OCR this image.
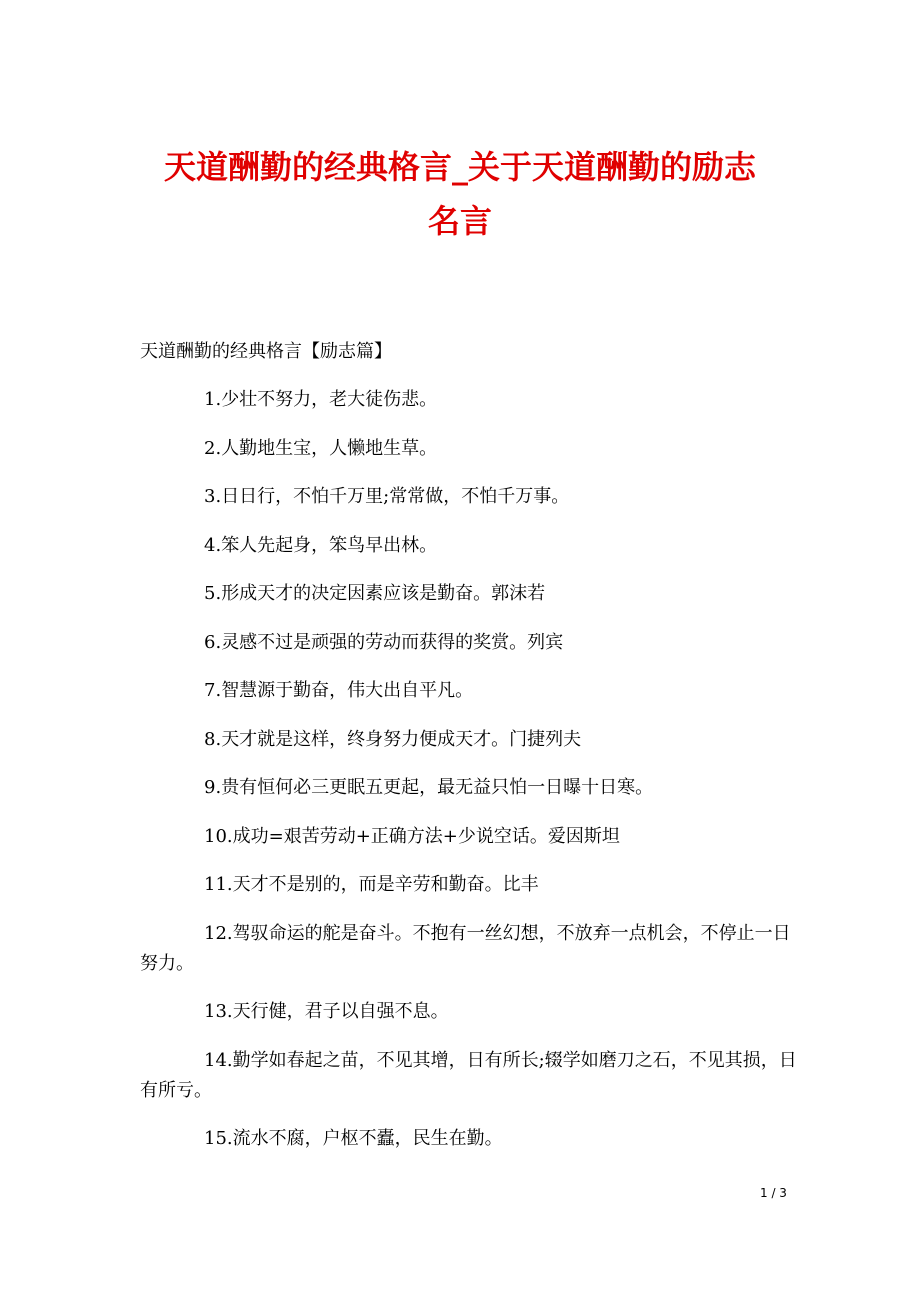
天道酬勤的经典格言_关于天道酬勤的励志
名言
天道酬勤的经典格言【励志篇】
1.少壮不努力，老大徒伤悲。
2.人勤地生宝，人懒地生草。
3.日日行，不怕千万里;常常做，不怕千万事。
4.笨人先起身，笨鸟早出林。
5.形成天才的决定因素应该是勤奋。郭沫若
6.灵感不过是顽强的劳动而获得的奖赏。列宾
7.智慧源于勤奋，伟大出自平凡。
8.天才就是这样，终身努力便成天才。门捷列夫
9.贵有恒何必三更眠五更起，最无益只怕一日曝十日寒。
10.成功=艰苦劳动+正确方法+少说空话。爱因斯坦
11.天才不是别的，而是辛劳和勤奋。比丰
12.驾驭命运的舵是奋斗。不抱有一丝幻想，不放弃一点机会，不停止一日努力。
13.天行健，君子以自强不息。
14.勤学如春起之苗，不见其增，日有所长;辍学如磨刀之石，不见其损，日有所亏。
15.流水不腐，户枢不蠹，民生在勤。
1 / 3
